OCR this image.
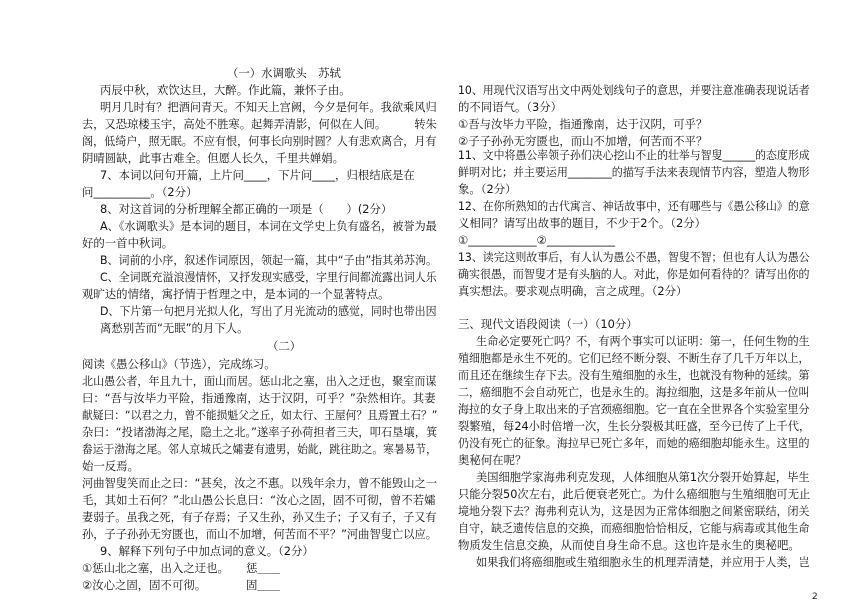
（一）水调歌头　苏轼
丙辰中秋，欢饮达旦，大醉。作此篇，兼怀子由。
明月几时有？把酒问青天。不知天上宫阙，今夕是何年。我欲乘风归
去，又恐琼楼玉宇，高处不胜寒。起舞弄清影，何似在人间。　　　转朱
阁，低绮户，照无眠。不应有恨，何事长向别时圆？人有悲欢离合，月有
阴晴圆缺，此事古难全。但愿人长久，千里共婵娟。
7、本词以问句开篇，上片问____，下片问____，归根结底是在
问__________。（2分）
8、对这首词的分析理解全都正确的一项是（　　）(2分）
A、《水调歌头》是本词的题目，本词在文学史上负有盛名，被誉为最
好的一首中秋词。
B、词前的小序，叙述作词原因，领起一篇，其中“子由”指其弟苏洵。
C、全词既充溢浪漫情怀，又抒发现实感受，字里行间都流露出词人乐
观旷达的情绪，寓抒情于哲理之中，是本词的一个显著特点。
D、下片第一句把月光拟人化，写出了月光流动的感觉，同时也带出因
离愁别苦而“无眠”的月下人。
（二）
阅读《愚公移山》（节选），完成练习。
北山愚公者，年且九十，面山而居。惩山北之塞，出入之迂也，聚室而谋
曰：“吾与汝毕力平险，指通豫南，达于汉阴，可乎？”杂然相许。其妻
献疑曰：“以君之力，曾不能损魁父之丘，如太行、王屋何？且焉置土石？”
杂曰：“投诸渤海之尾，隐土之北。”遂率子孙荷担者三夫，叩石垦壤，箕
畚运于渤海之尾。邻人京城氏之孀妻有遗男，始龀，跳往助之。寒暑易节，
始一反焉。
河曲智叟笑而止之曰：“甚矣，汝之不惠。以残年余力，曾不能毁山之一
毛，其如土石何？”北山愚公长息曰：“汝心之固，固不可彻，曾不若孀
妻弱子。虽我之死，有子存焉；子又生孙，孙又生子；子又有子，子又有
孙，子子孙孙无穷匮也，而山不加增，何苦而不平？”河曲智叟亡以应。
9、解释下列句子中加点词的意义。（2分）
①惩山北之塞，出入之迂也。　　惩＿＿
②汝心之固，固不可彻。　　　　固＿＿
10、用现代汉语写出文中两处划线句子的意思，并要注意准确表现说话者
的不同语气。（3分）
①吾与汝毕力平险，指通豫南，达于汉阴，可乎？
②子子孙孙无穷匮也，而山不加增，何苦而不平？
11、文中将愚公率领子孙们决心挖山不止的壮举与智叟______的态度形成
鲜明对比；并主要运用________的描写手法来表现情节内容，塑造人物形
象。（2分）
12、在你所熟知的古代寓言、神话故事中，还有哪些与《愚公移山》的意
义相同？请写出故事的题目，不少于2个。（2分）
①____________②____________
13、读完这则故事后，有人认为愚公不愚，智叟不智；但也有人认为愚公
确实很愚，而智叟才是有头脑的人。对此，你是如何看待的？请写出你的
真实想法。要求观点明确，言之成理。（2分）
三、现代文语段阅读（一）（10分）
生命必定要死亡吗？不，有两个事实可以证明：第一，任何生物的生
殖细胞都是永生不死的。它们已经不断分裂、不断生存了几千万年以上，
而且还在继续生存下去。没有生殖细胞的永生，也就没有物种的延续。第
二，癌细胞不会自动死亡，也是永生的。海拉细胞，这是多年前从一位叫
海拉的女子身上取出来的子宫颈癌细胞。它一直在全世界各个实验室里分
裂繁殖，每24小时倍增一次，生长分裂极其旺盛，至今已传了上千代，
仍没有死亡的征象。海拉早已死亡多年，而她的癌细胞却能永生。这里的
奥秘何在呢？
美国细胞学家海弗利克发现，人体细胞从第1次分裂开始算起，毕生
只能分裂50次左右，此后便衰老死亡。为什么癌细胞与生殖细胞可无止
境地分裂下去？海弗利克认为，这是因为正常体细胞之间紧密联结，闭关
自守，缺乏遗传信息的交换，而癌细胞恰恰相反，它能与病毒或其他生命
物质发生信息交换，从而使自身生命不息。这也许是永生的奥秘吧。
如果我们将癌细胞或生殖细胞永生的机理弄清楚，并应用于人类，岂
2
